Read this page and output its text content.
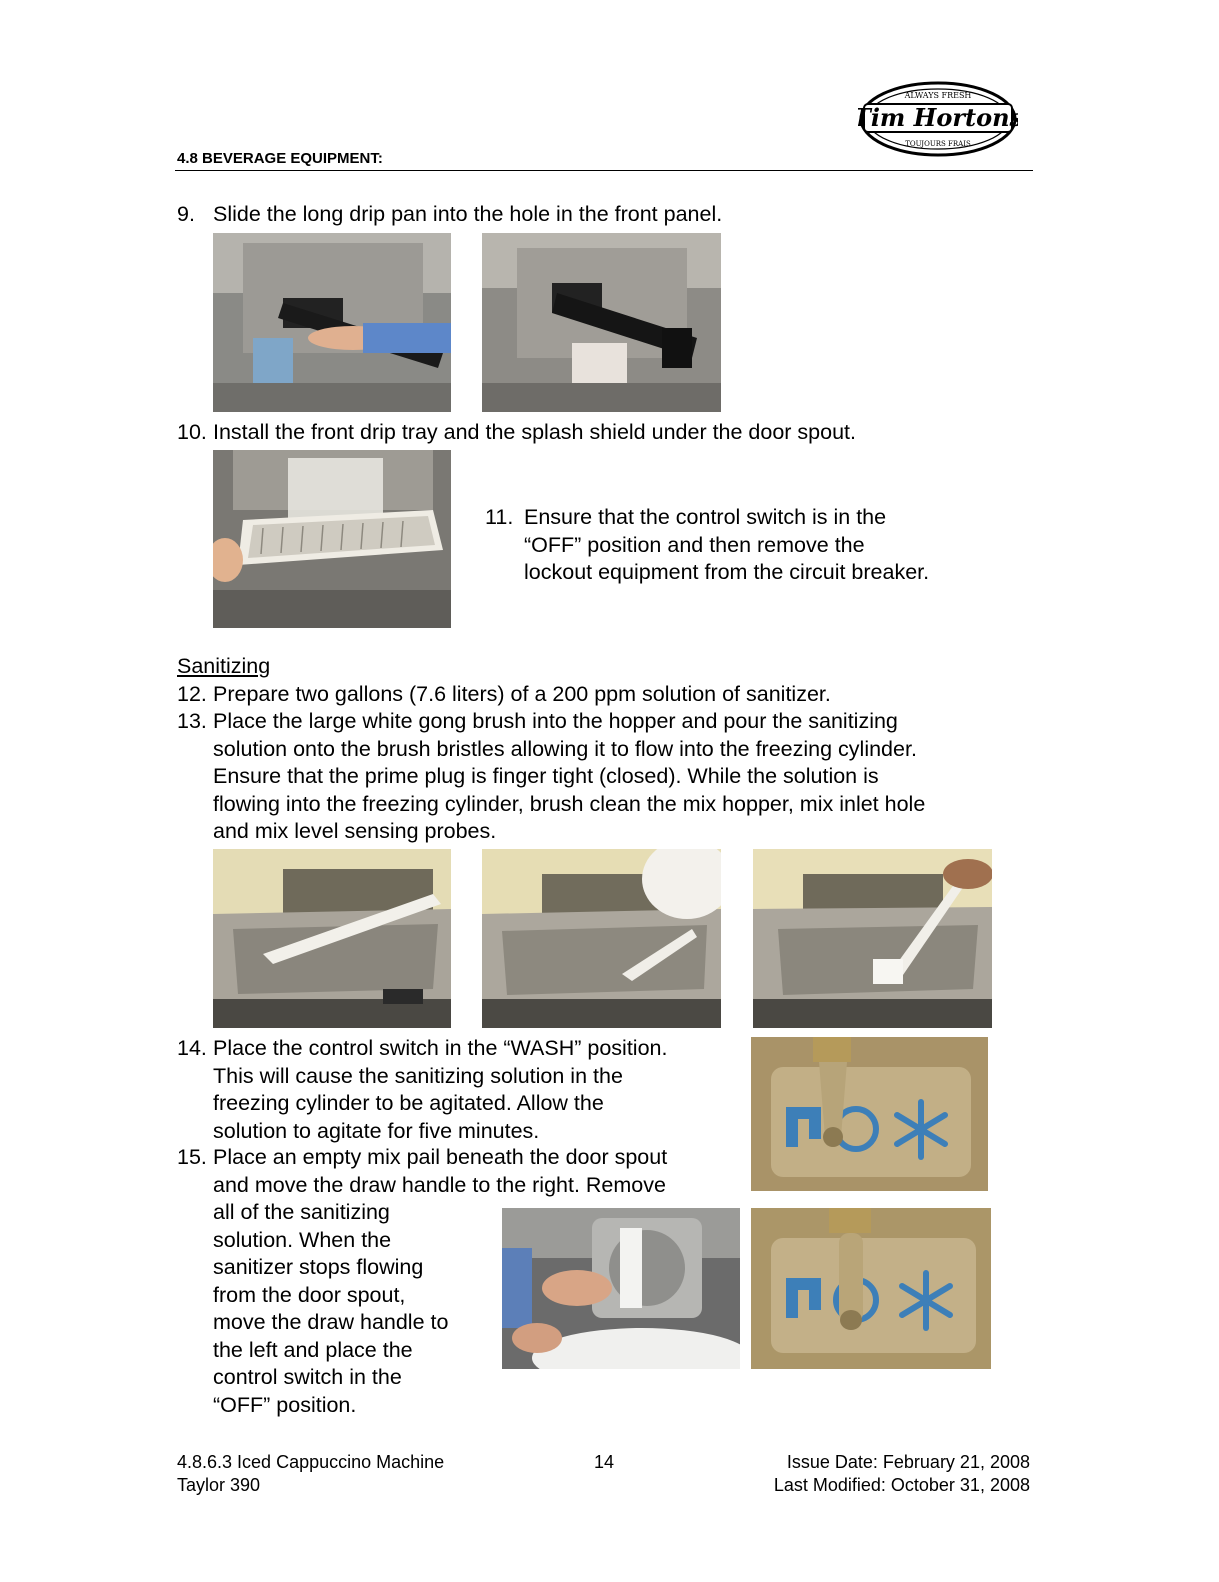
Tim Hortons
ALWAYS FRESH
TOUJOURS FRAIS
4.8 BEVERAGE EQUIPMENT:
9. Slide the long drip pan into the hole in the front panel.
10. Install the front drip tray and the splash shield under the door spout.
11. Ensure that the control switch is in the
“OFF” position and then remove the
lockout equipment from the circuit breaker.
Sanitizing
12. Prepare two gallons (7.6 liters) of a 200 ppm solution of sanitizer.
13. Place the large white gong brush into the hopper and pour the sanitizing
solution onto the brush bristles allowing it to flow into the freezing cylinder.
Ensure that the prime plug is finger tight (closed). While the solution is
flowing into the freezing cylinder, brush clean the mix hopper, mix inlet hole
and mix level sensing probes.
14. Place the control switch in the “WASH” position.
This will cause the sanitizing solution in the
freezing cylinder to be agitated. Allow the
solution to agitate for five minutes.
15. Place an empty mix pail beneath the door spout
and move the draw handle to the right. Remove
all of the sanitizing
solution. When the
sanitizer stops flowing
from the door spout,
move the draw handle to
the left and place the
control switch in the
“OFF” position.
4.8.6.3 Iced Cappuccino Machine
Taylor 390
14	Issue Date: February 21, 2008
Last Modified: October 31, 2008
